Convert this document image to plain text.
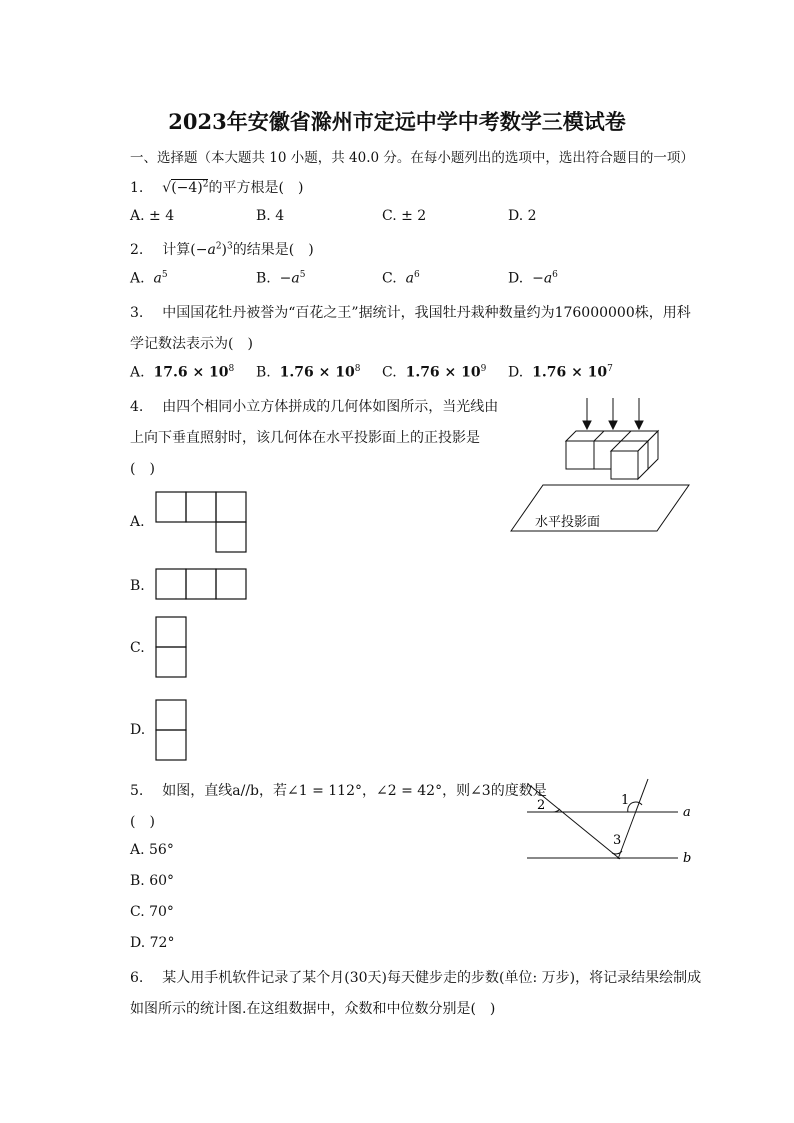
2023年安徽省滁州市定远中学中考数学三模试卷
一、选择题（本大题共 10 小题，共 40.0 分。在每小题列出的选项中，选出符合题目的一项）
1. $√(-4)^2$的平方根是(　)
A. ± 4	B. 4	C. ± 2	D. 2
2. 计算$(-a^2)^3$的结果是(　)
A. $a^5$	B. $-a^5$	C. $a^6$	D. $-a^6$
3. 中国国花牡丹被誉为“百花之王”据统计，我国牡丹栽种数量约为176000000株，用科
学记数法表示为(　)
A. $17.6 \times 10^8$ B. $1.76 \times 10^8$ C. $1.76 \times 10^9$ D. $1.76 \times 10^7$
4. 由四个相同小立方体拼成的几何体如图所示，当光线由
上向下垂直照射时，该几何体在水平投影面上的正投影是
(　)
水平投影面
A.
B.
C.
D.
5. 如图，直线a//b，若∠1 = 112°，∠2 = 42°，则∠3的度数是
(　)
1
2
3
a
b
A. 56°
B. 60°
C. 70°
D. 72°
6. 某人用手机软件记录了某个月(30天)每天健步走的步数(单位: 万步)，将记录结果绘制成
如图所示的统计图.在这组数据中，众数和中位数分别是(　)
